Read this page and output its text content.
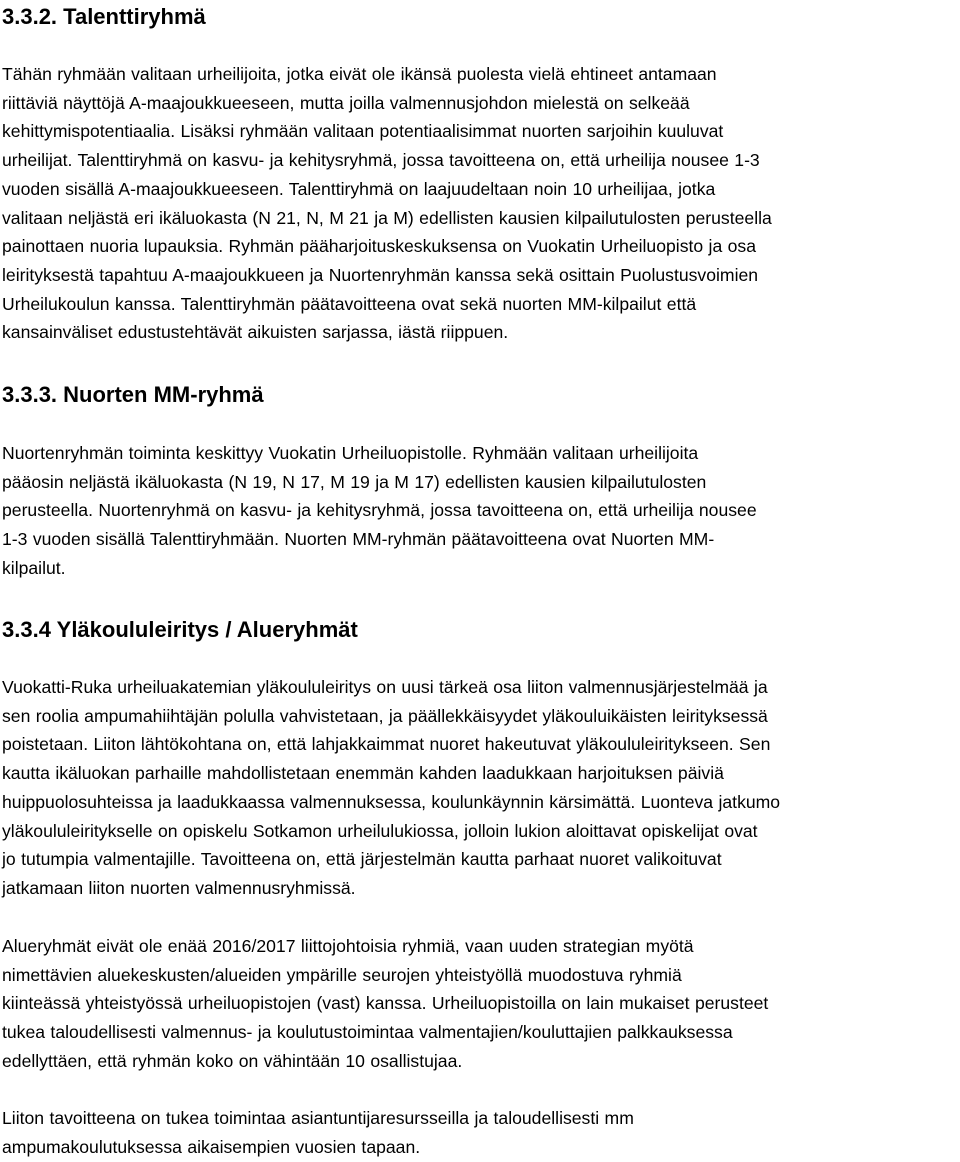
3.3.2. Talenttiryhmä
Tähän ryhmään valitaan urheilijoita, jotka eivät ole ikänsä puolesta vielä ehtineet antamaan
riittäviä näyttöjä A-maajoukkueeseen, mutta joilla valmennusjohdon mielestä on selkeää
kehittymispotentiaalia. Lisäksi ryhmään valitaan potentiaalisimmat nuorten sarjoihin kuuluvat
urheilijat. Talenttiryhmä on kasvu- ja kehitysryhmä, jossa tavoitteena on, että urheilija nousee 1-3
vuoden sisällä A-maajoukkueeseen. Talenttiryhmä on laajuudeltaan noin 10 urheilijaa, jotka
valitaan neljästä eri ikäluokasta (N 21, N, M 21 ja M) edellisten kausien kilpailutulosten perusteella
painottaen nuoria lupauksia. Ryhmän pääharjoituskeskuksensa on Vuokatin Urheiluopisto ja osa
leirityksestä tapahtuu A-maajoukkueen ja Nuortenryhmän kanssa sekä osittain Puolustusvoimien
Urheilukoulun kanssa. Talenttiryhmän päätavoitteena ovat sekä nuorten MM-kilpailut että
kansainväliset edustustehtävät aikuisten sarjassa, iästä riippuen.
3.3.3. Nuorten MM-ryhmä
Nuortenryhmän toiminta keskittyy Vuokatin Urheiluopistolle. Ryhmään valitaan urheilijoita
pääosin neljästä ikäluokasta (N 19, N 17, M 19 ja M 17) edellisten kausien kilpailutulosten
perusteella. Nuortenryhmä on kasvu- ja kehitysryhmä, jossa tavoitteena on, että urheilija nousee
1-3 vuoden sisällä Talenttiryhmään. Nuorten MM-ryhmän päätavoitteena ovat Nuorten MM-
kilpailut.
3.3.4 Yläkoululeiritys / Alueryhmät
Vuokatti-Ruka urheiluakatemian yläkoululeiritys on uusi tärkeä osa liiton valmennusjärjestelmää ja
sen roolia ampumahiihtäjän polulla vahvistetaan, ja päällekkäisyydet yläkouluikäisten leirityksessä
poistetaan. Liiton lähtökohtana on, että lahjakkaimmat nuoret hakeutuvat yläkoululeiritykseen. Sen
kautta ikäluokan parhaille mahdollistetaan enemmän kahden laadukkaan harjoituksen päiviä
huippuolosuhteissa ja laadukkaassa valmennuksessa, koulunkäynnin kärsimättä. Luonteva jatkumo
yläkoululeiritykselle on opiskelu Sotkamon urheilulukiossa, jolloin lukion aloittavat opiskelijat ovat
jo tutumpia valmentajille. Tavoitteena on, että järjestelmän kautta parhaat nuoret valikoituvat
jatkamaan liiton nuorten valmennusryhmissä.
Alueryhmät eivät ole enää 2016/2017 liittojohtoisia ryhmiä, vaan uuden strategian myötä
nimettävien aluekeskusten/alueiden ympärille seurojen yhteistyöllä muodostuva ryhmiä
kiinteässä yhteistyössä urheiluopistojen (vast) kanssa. Urheiluopistoilla on lain mukaiset perusteet
tukea taloudellisesti valmennus- ja koulutustoimintaa valmentajien/kouluttajien palkkauksessa
edellyttäen, että ryhmän koko on vähintään 10 osallistujaa.
Liiton tavoitteena on tukea toimintaa asiantuntijaresursseilla ja taloudellisesti mm
ampumakoulutuksessa aikaisempien vuosien tapaan.
